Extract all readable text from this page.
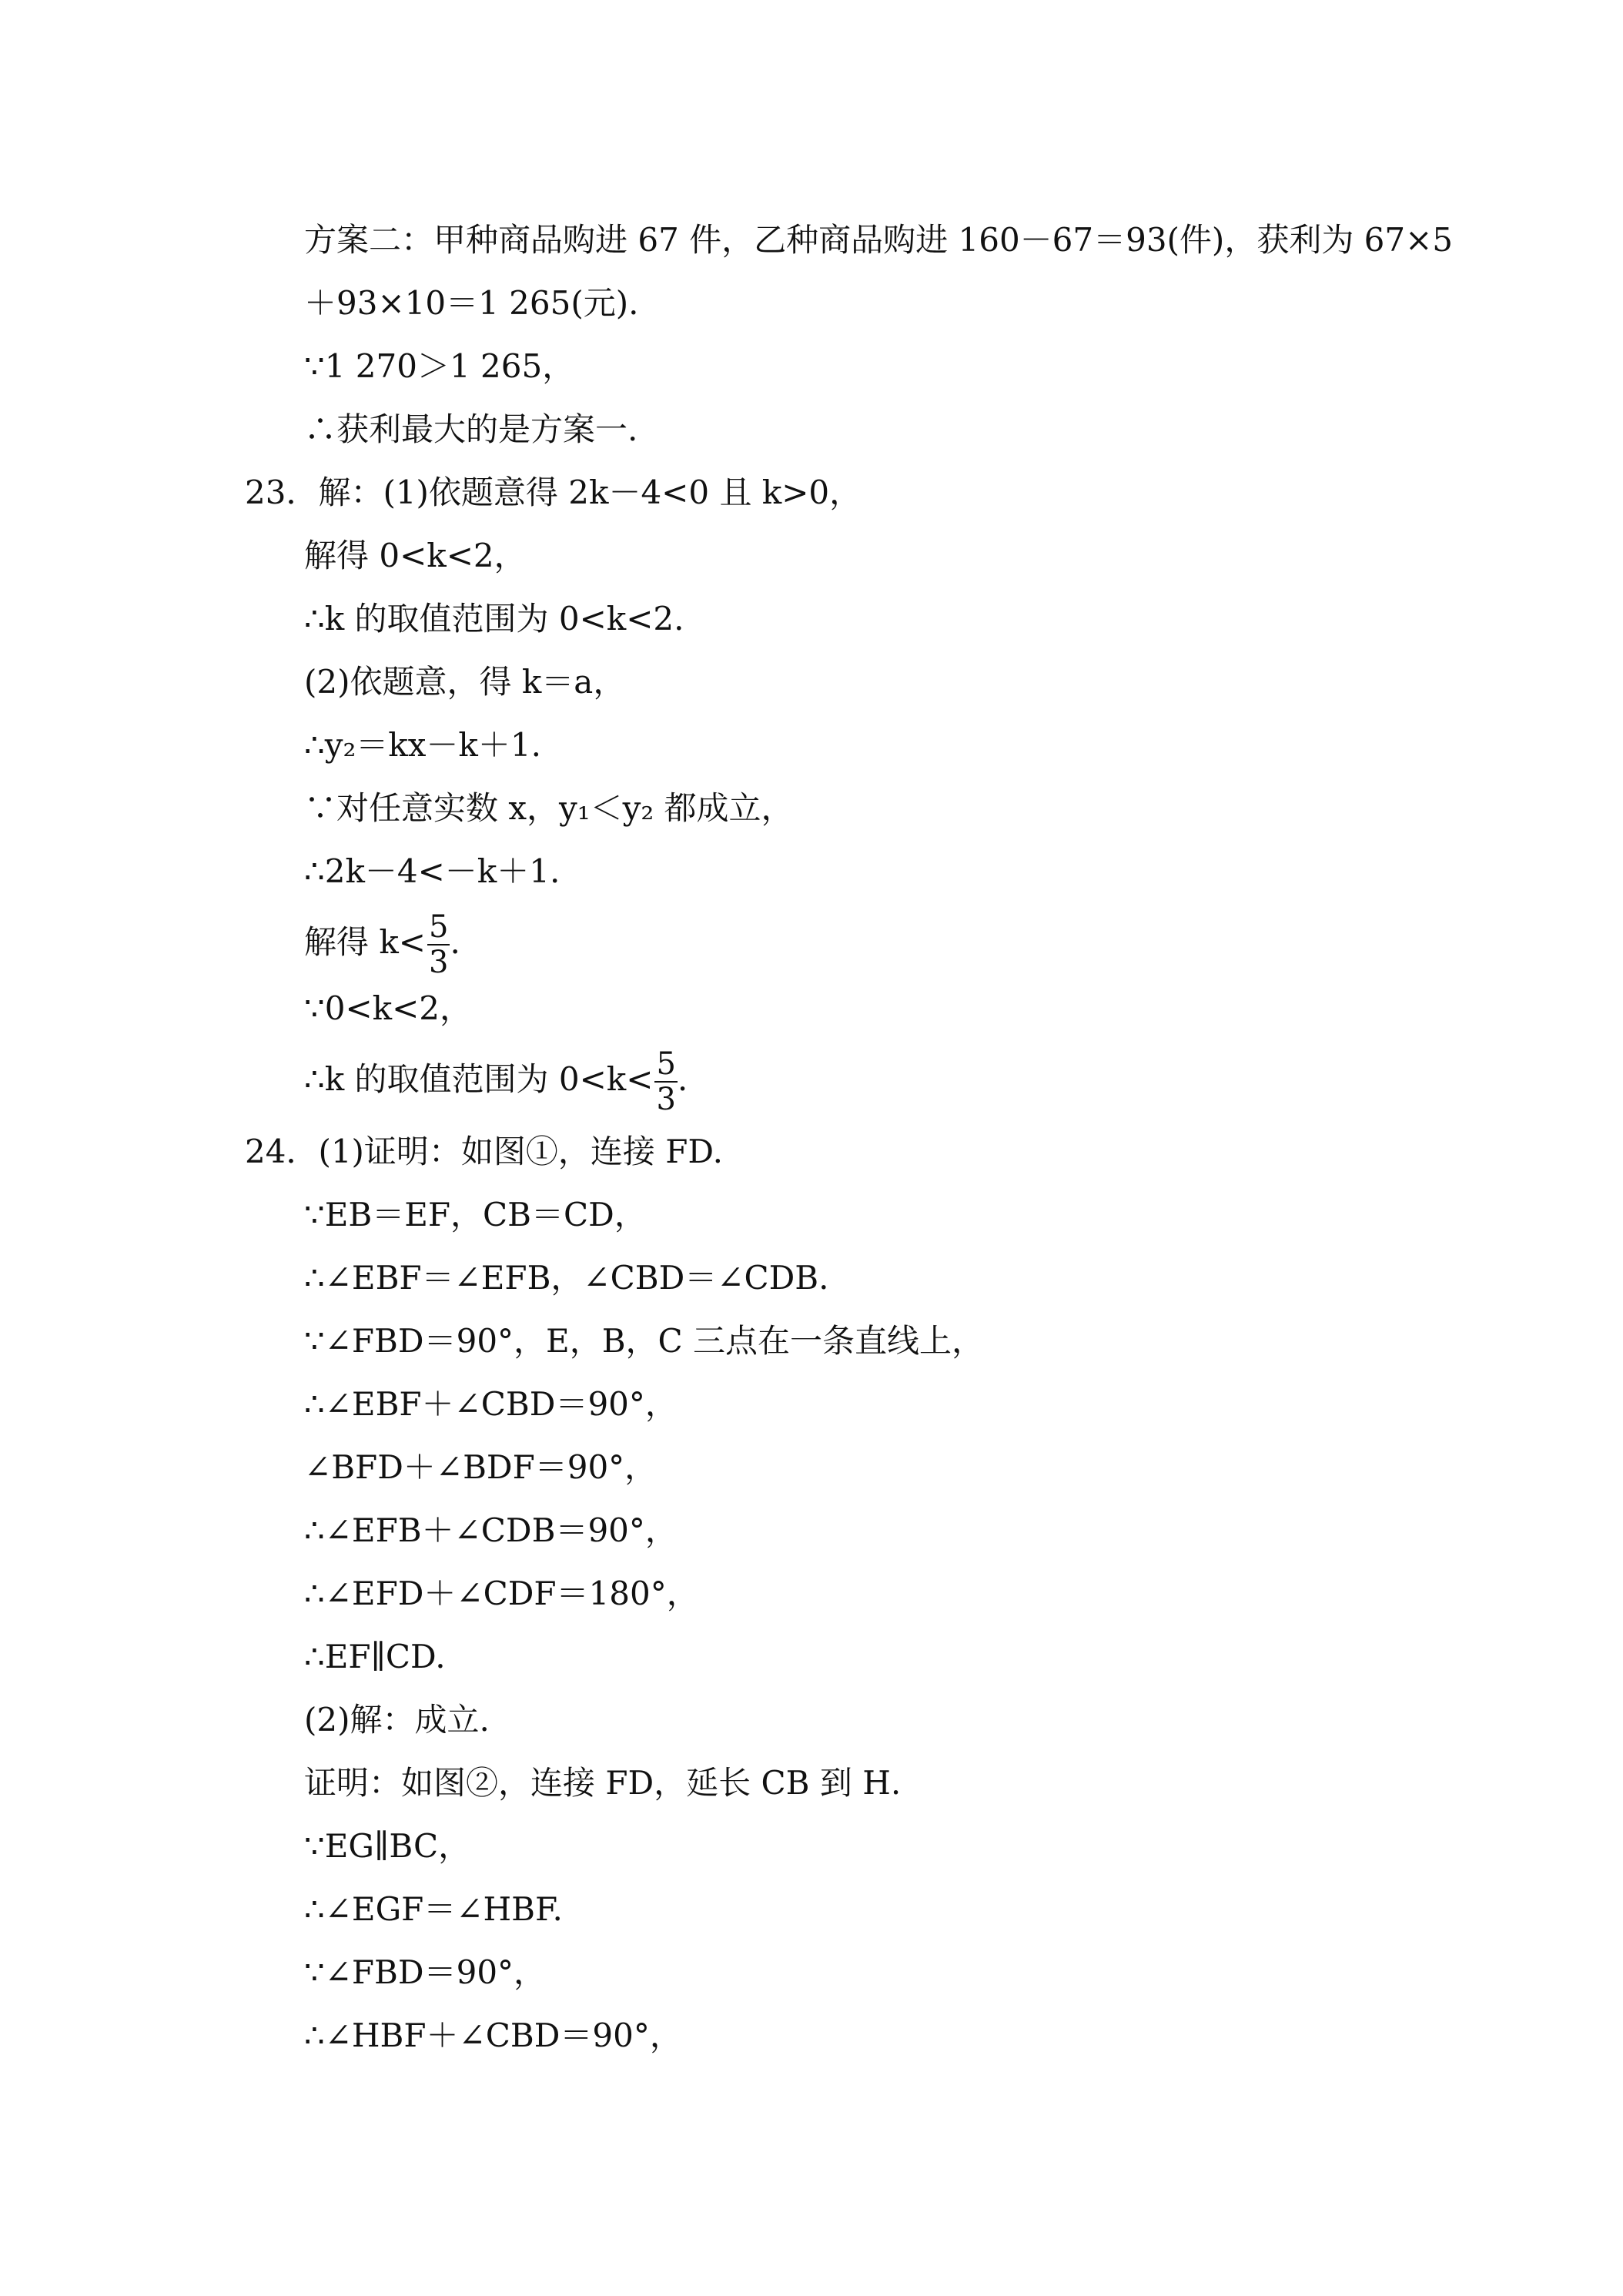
方案二：甲种商品购进 67 件，乙种商品购进 160－67＝93(件)，获利为 67×5
＋93×10＝1 265(元).
∵1 270＞1 265，
∴获利最大的是方案一.
23．解：(1)依题意得 2k－4<0 且 k>0，
解得 0<k<2，
∴k 的取值范围为 0<k<2.
(2)依题意，得 k＝a，
∴y₂＝kx－k＋1.
∵对任意实数 x，y₁＜y₂ 都成立，
∴2k－4<－k＋1.
解得 $k< \frac{5}{3}$ .
∵0<k<2，
∴k 的取值范围为 $0<k< \frac{5}{3}$ .
24．(1)证明：如图①，连接 FD.
∵EB＝EF，CB＝CD，
∴∠EBF＝∠EFB，∠CBD＝∠CDB.
∵∠FBD＝90°，E，B，C 三点在一条直线上，
∴∠EBF＋∠CBD＝90°，
∠BFD＋∠BDF＝90°，
∴∠EFB＋∠CDB＝90°，
∴∠EFD＋∠CDF＝180°，
∴EF∥CD.
(2)解：成立.
证明：如图②，连接 FD，延长 CB 到 H.
∵EG∥BC，
∴∠EGF＝∠HBF.
∵∠FBD＝90°，
∴∠HBF＋∠CBD＝90°，
